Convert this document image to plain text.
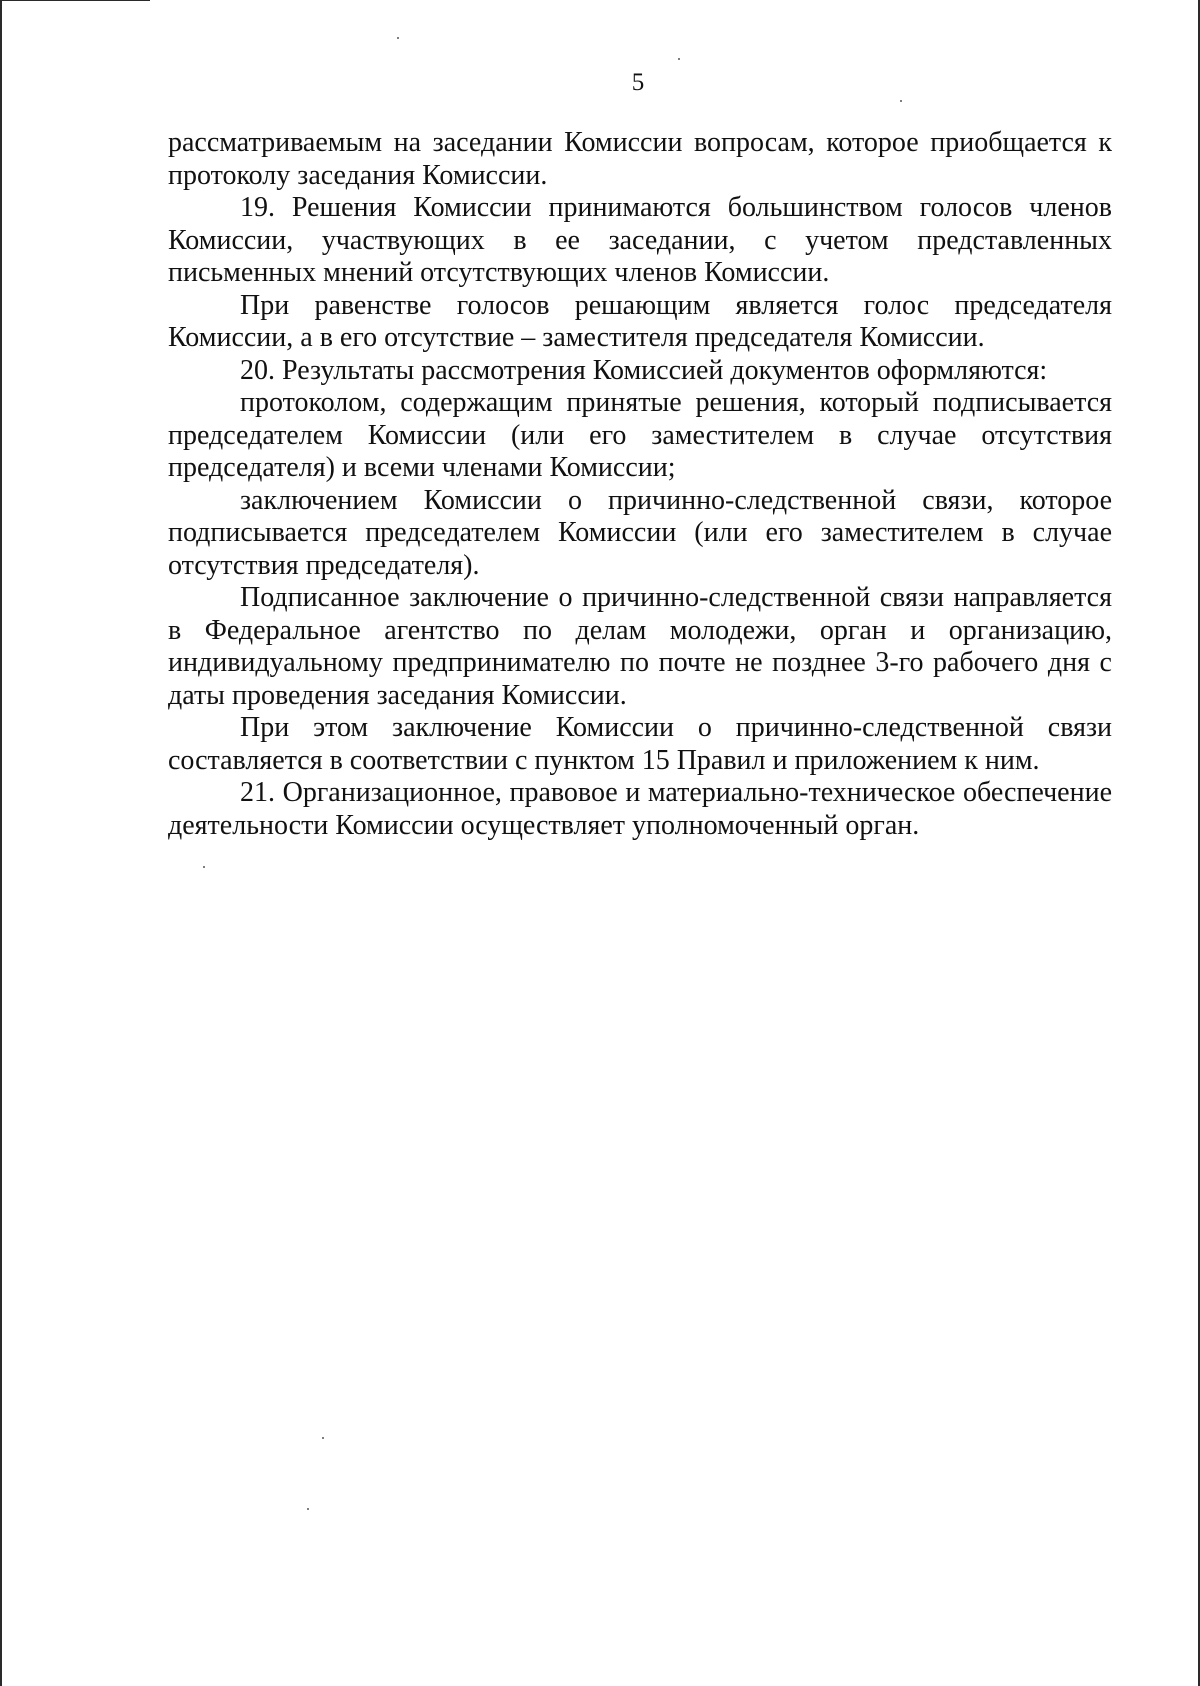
5

рассматриваемым на заседании Комиссии вопросам, которое приобщается к протоколу заседания Комиссии.

19. Решения Комиссии принимаются большинством голосов членов Комиссии, участвующих в ее заседании, с учетом представленных письменных мнений отсутствующих членов Комиссии.

При равенстве голосов решающим является голос председателя Комиссии, а в его отсутствие – заместителя председателя Комиссии.

20. Результаты рассмотрения Комиссией документов оформляются:

протоколом, содержащим принятые решения, который подписывается председателем Комиссии (или его заместителем в случае отсутствия председателя) и всеми членами Комиссии;

заключением Комиссии о причинно-следственной связи, которое подписывается председателем Комиссии (или его заместителем в случае отсутствия председателя).

Подписанное заключение о причинно-следственной связи направляется в Федеральное агентство по делам молодежи, орган и организацию, индивидуальному предпринимателю по почте не позднее 3-го рабочего дня с даты проведения заседания Комиссии.

При этом заключение Комиссии о причинно-следственной связи составляется в соответствии с пунктом 15 Правил и приложением к ним.

21. Организационное, правовое и материально-техническое обеспечение деятельности Комиссии осуществляет уполномоченный орган.
